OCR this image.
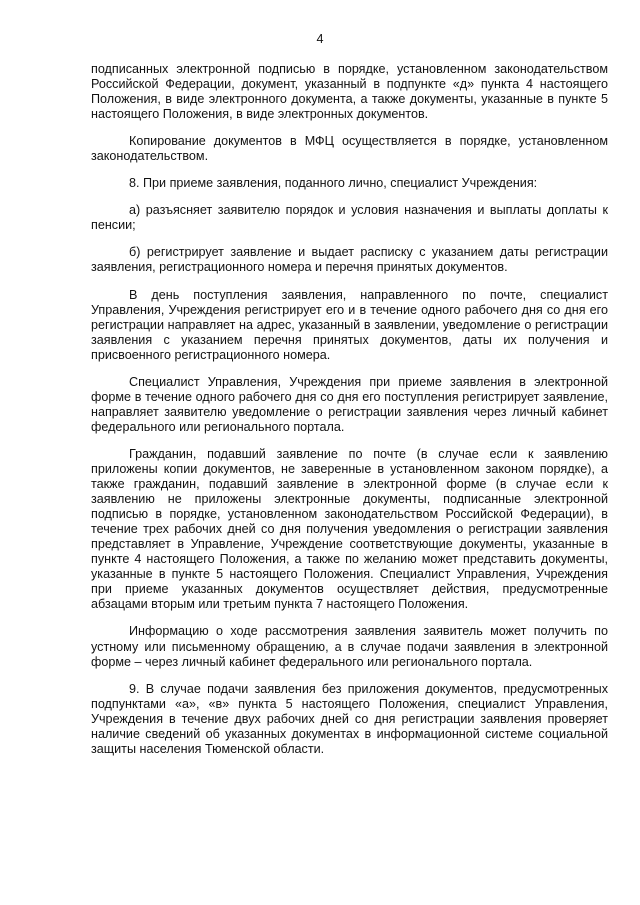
4

подписанных электронной подписью в порядке, установленном законодательством Российской Федерации, документ, указанный в подпункте «д» пункта 4 настоящего Положения, в виде электронного документа, а также документы, указанные в пункте 5 настоящего Положения, в виде электронных документов.

Копирование документов в МФЦ осуществляется в порядке, установленном законодательством.

8. При приеме заявления, поданного лично, специалист Учреждения:

а) разъясняет заявителю порядок и условия назначения и выплаты доплаты к пенсии;

б) регистрирует заявление и выдает расписку с указанием даты регистрации заявления, регистрационного номера и перечня принятых документов.

В день поступления заявления, направленного по почте, специалист Управления, Учреждения регистрирует его и в течение одного рабочего дня со дня его регистрации направляет на адрес, указанный в заявлении, уведомление о регистрации заявления с указанием перечня принятых документов, даты их получения и присвоенного регистрационного номера.

Специалист Управления, Учреждения при приеме заявления в электронной форме в течение одного рабочего дня со дня его поступления регистрирует заявление, направляет заявителю уведомление о регистрации заявления через личный кабинет федерального или регионального портала.

Гражданин, подавший заявление по почте (в случае если к заявлению приложены копии документов, не заверенные в установленном законом порядке), а также гражданин, подавший заявление в электронной форме (в случае если к заявлению не приложены электронные документы, подписанные электронной подписью в порядке, установленном законодательством Российской Федерации), в течение трех рабочих дней со дня получения уведомления о регистрации заявления представляет в Управление, Учреждение соответствующие документы, указанные в пункте 4 настоящего Положения, а также по желанию может представить документы, указанные в пункте 5 настоящего Положения. Специалист Управления, Учреждения при приеме указанных документов осуществляет действия, предусмотренные абзацами вторым или третьим пункта 7 настоящего Положения.

Информацию о ходе рассмотрения заявления заявитель может получить по устному или письменному обращению, а в случае подачи заявления в электронной форме – через личный кабинет федерального или регионального портала.

9. В случае подачи заявления без приложения документов, предусмотренных подпунктами «а», «в» пункта 5 настоящего Положения, специалист Управления, Учреждения в течение двух рабочих дней со дня регистрации заявления проверяет наличие сведений об указанных документах в информационной системе социальной защиты населения Тюменской области.
